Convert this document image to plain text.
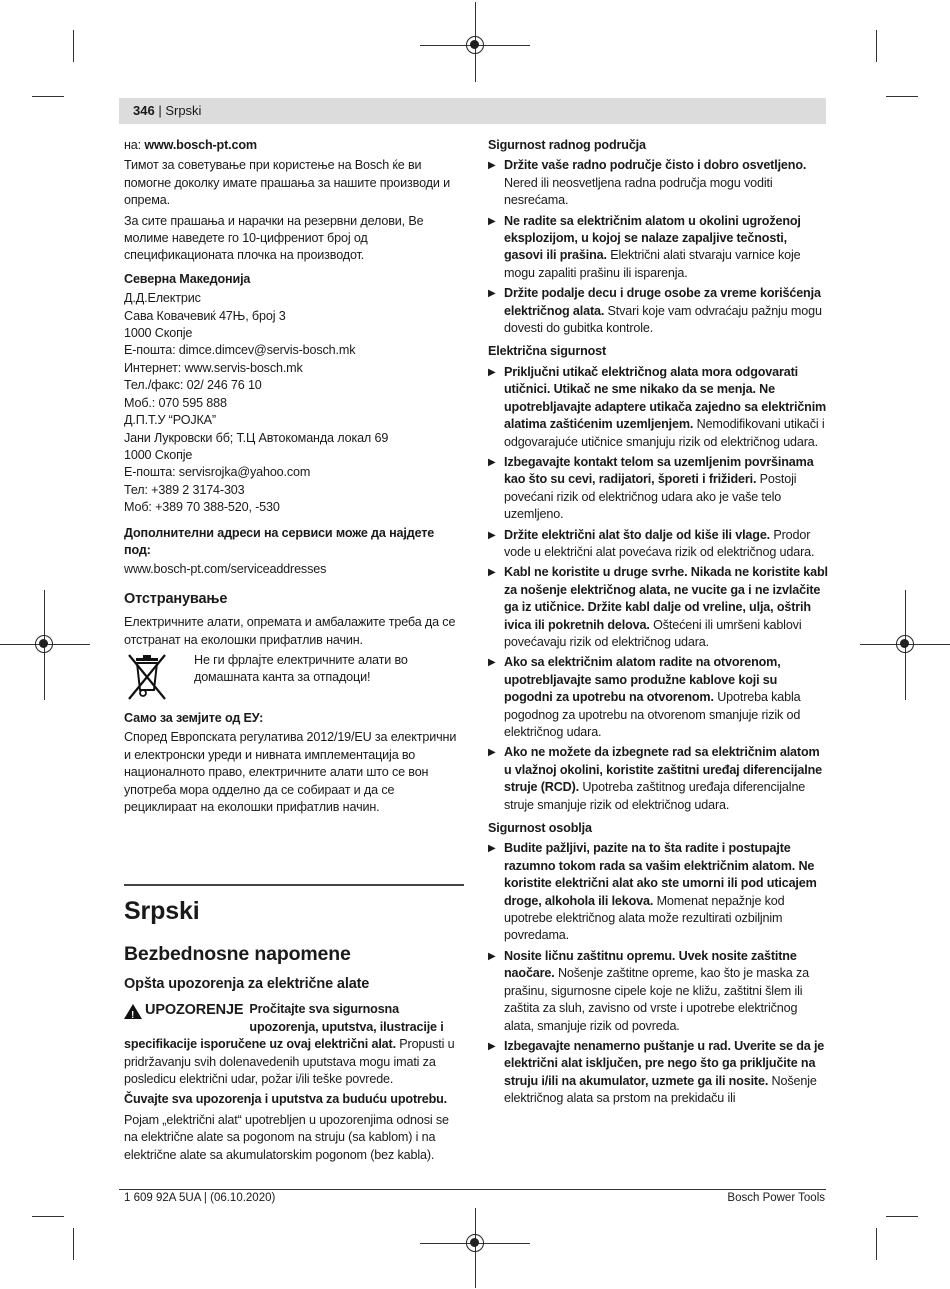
346 | Srpski

на: www.bosch-pt.com

Тимот за советување при користење на Bosch ќе ви помогне доколку имате прашања за нашите производи и опрема.

За сите прашања и нарачки на резервни делови, Ве молиме наведете го 10-цифрениот број од спецификационата плочка на производот.

Северна Македонија
Д.Д.Електрис
Сава Ковачевиќ 47Њ, број 3
1000 Скопје
Е-пошта: dimce.dimcev@servis-bosch.mk
Интернет: www.servis-bosch.mk
Тел./факс: 02/ 246 76 10
Моб.: 070 595 888
Д.П.Т.У “РОЈКА”
Јани Лукровски бб; Т.Ц Автокоманда локал 69
1000 Скопје
Е-пошта: servisrojka@yahoo.com
Тел: +389 2 3174-303
Моб: +389 70 388-520, -530
Дополнителни адреси на сервиси може да најдете под:

www.bosch-pt.com/serviceaddresses

Отстранување

Електричните алати, опремата и амбалажите треба да се отстранат на еколошки прифатлив начин.

Не ги фрлајте електричните алати во домашната канта за отпадоци!
Само за земјите од ЕУ:

Според Европската регулатива 2012/19/EU за електрични и електронски уреди и нивната имплементација во националното право, електричните алати што се вон употреба мора одделно да се собираат и да се рециклираат на еколошки прифатлив начин.

Srpski
Bezbednosne napomene
Opšta upozorenja za električne alate

! UPOZORENJE Pročitajte sva sigurnosna upozorenja, uputstva, ilustracije i specifikacije isporučene uz ovaj električni alat. Propusti u pridržavanju svih dolenavedenih uputstava mogu imati za posledicu električni udar, požar i/ili teške povrede.

Čuvajte sva upozorenja i uputstva za buduću upotrebu.

Pojam „električni alat“ upotrebljen u upozorenjima odnosi se na električne alate sa pogonom na struju (sa kablom) i na električne alate sa akumulatorskim pogonom (bez kabla).

Sigurnost radnog područja
▶ Držite vaše radno područje čisto i dobro osvetljeno. Nered ili neosvetljena radna područja mogu voditi nesrećama.
▶ Ne radite sa električnim alatom u okolini ugroženoj eksplozijom, u kojoj se nalaze zapaljive tečnosti, gasovi ili prašina. Električni alati stvaraju varnice koje mogu zapaliti prašinu ili isparenja.
▶ Držite podalje decu i druge osobe za vreme korišćenja električnog alata. Stvari koje vam odvraćaju pažnju mogu dovesti do gubitka kontrole.
Električna sigurnost
▶ Priključni utikač električnog alata mora odgovarati utičnici. Utikač ne sme nikako da se menja. Ne upotrebljavajte adaptere utikača zajedno sa električnim alatima zaštićenim uzemljenjem. Nemodifikovani utikači i odgovarajuće utičnice smanjuju rizik od električnog udara.
▶ Izbegavajte kontakt telom sa uzemljenim površinama kao što su cevi, radijatori, šporeti i frižideri. Postoji povećani rizik od električnog udara ako je vaše telo uzemljeno.
▶ Držite električni alat što dalje od kiše ili vlage. Prodor vode u električni alat povećava rizik od električnog udara.
▶ Kabl ne koristite u druge svrhe. Nikada ne koristite kabl za nošenje električnog alata, ne vucite ga i ne izvlačite ga iz utičnice. Držite kabl dalje od vreline, ulja, oštrih ivica ili pokretnih delova. Oštećeni ili umršeni kablovi povećavaju rizik od električnog udara.
▶ Ako sa električnim alatom radite na otvorenom, upotrebljavajte samo produžne kablove koji su pogodni za upotrebu na otvorenom. Upotreba kabla pogodnog za upotrebu na otvorenom smanjuje rizik od električnog udara.
▶ Ako ne možete da izbegnete rad sa električnim alatom u vlažnoj okolini, koristite zaštitni uređaj diferencijalne struje (RCD). Upotreba zaštitnog uređaja diferencijalne struje smanjuje rizik od električnog udara.
Sigurnost osoblja
▶ Budite pažljivi, pazite na to šta radite i postupajte razumno tokom rada sa vašim električnim alatom. Ne koristite električni alat ako ste umorni ili pod uticajem droge, alkohola ili lekova. Momenat nepažnje kod upotrebe električnog alata može rezultirati ozbiljnim povredama.
▶ Nosite ličnu zaštitnu opremu. Uvek nosite zaštitne naočare. Nošenje zaštitne opreme, kao što je maska za prašinu, sigurnosne cipele koje ne kližu, zaštitni šlem ili zaštita za sluh, zavisno od vrste i upotrebe električnog alata, smanjuje rizik od povreda.
▶ Izbegavajte nenamerno puštanje u rad. Uverite se da je električni alat isključen, pre nego što ga priključite na struju i/ili na akumulator, uzmete ga ili nosite. Nošenje električnog alata sa prstom na prekidaču ili
1 609 92A 5UA | (06.10.2020)	Bosch Power Tools
